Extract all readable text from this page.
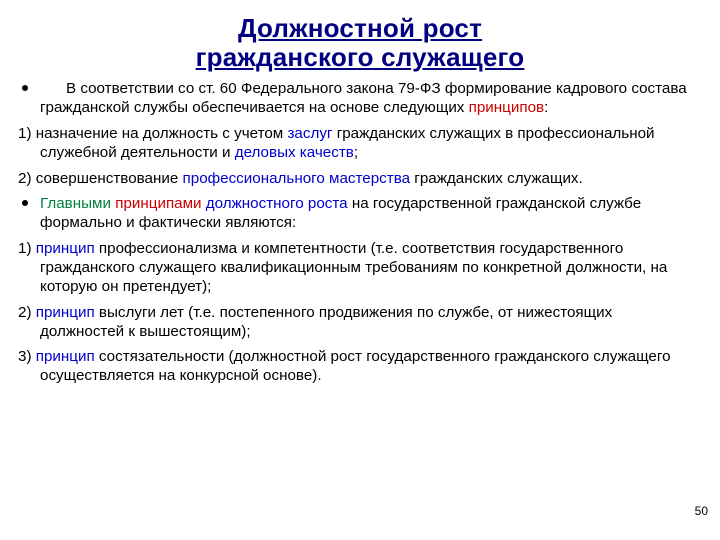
Должностной рост
гражданского служащего
В соответствии со ст. 60 Федерального закона 79-ФЗ формирование кадрового состава гражданской службы обеспечивается на основе следующих принципов:
1) назначение на должность с учетом заслуг гражданских служащих в профессиональной служебной деятельности и деловых качеств;
2) совершенствование профессионального мастерства гражданских служащих.
Главными принципами должностного роста на государственной гражданской службе формально и фактически являются:
1) принцип профессионализма и компетентности (т.е. соответствия государственного гражданского служащего квалификационным требованиям по конкретной должности, на которую он претендует);
2) принцип выслуги лет (т.е. постепенного продвижения по службе, от нижестоящих должностей к вышестоящим);
3) принцип состязательности (должностной рост государственного гражданского служащего осуществляется на конкурсной основе).
50
